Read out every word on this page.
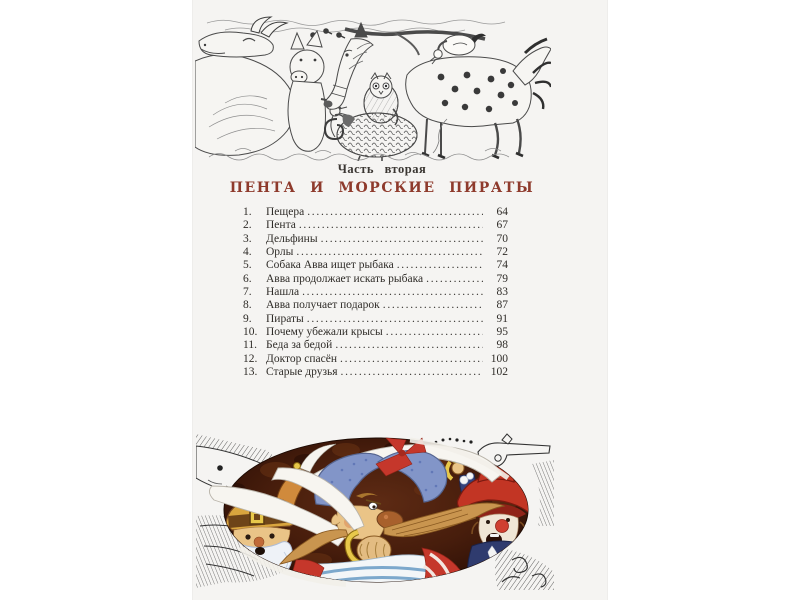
Часть вторая
ПЕНТА И МОРСКИЕ ПИРАТЫ
1.	Пещера .....	64
2.	Пента .....	67
3.	Дельфины .....	70
4.	Орлы .....	72
5.	Собака Авва ищет рыбака .....	74
6.	Авва продолжает искать рыбака .....	79
7.	Нашла .....	83
8.	Авва получает подарок .....	87
9.	Пираты .....	91
10. Почему убежали крысы .....	95
11. Беда за бедой .....	98
12. Доктор спасён .....	100
13. Старые друзья .....	102
